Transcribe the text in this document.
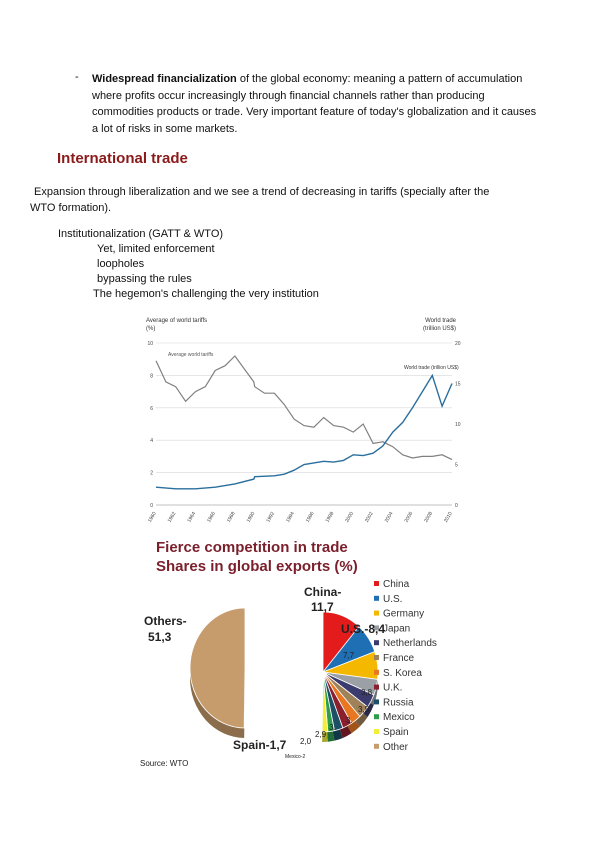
- Widespread financialization of the global economy: meaning a pattern of accumulation
where profits occur increasingly through financial channels rather than producing
commodities products or trade. Very important feature of today's globalization and it causes
a lot of risks in some markets.
International trade
Expansion through liberalization and we see a trend of decreasing in tariffs (specially after the
WTO formation).
Institutionalization (GATT & WTO)
Yet, limited enforcement
loopholes
bypassing the rules
The hegemon's challenging the very institution
Average of world tariffs
(%)
World trade
(trillion US$)
0
2
4
6
8
10
0
5
10
15
20
1960 1962 1964 1966 1968 1990 1992 1994 1996 1998 2000 2002 2004 2006 2008 2010
Average world tariffs
World trade (trillion US$)
Fierce competition in trade
Shares in global exports (%)
China
U.S.
Germany
Japan
Netherlands
France
S. Korea
U.K.
Russia
Mexico
Spain
Other
China-
11,7
U.S.-8,4
7,7
3,8
3,5
3.
3.
2,9
2,0
Others-
51,3
Spain-1,7
Mexico-2
Source: WTO
